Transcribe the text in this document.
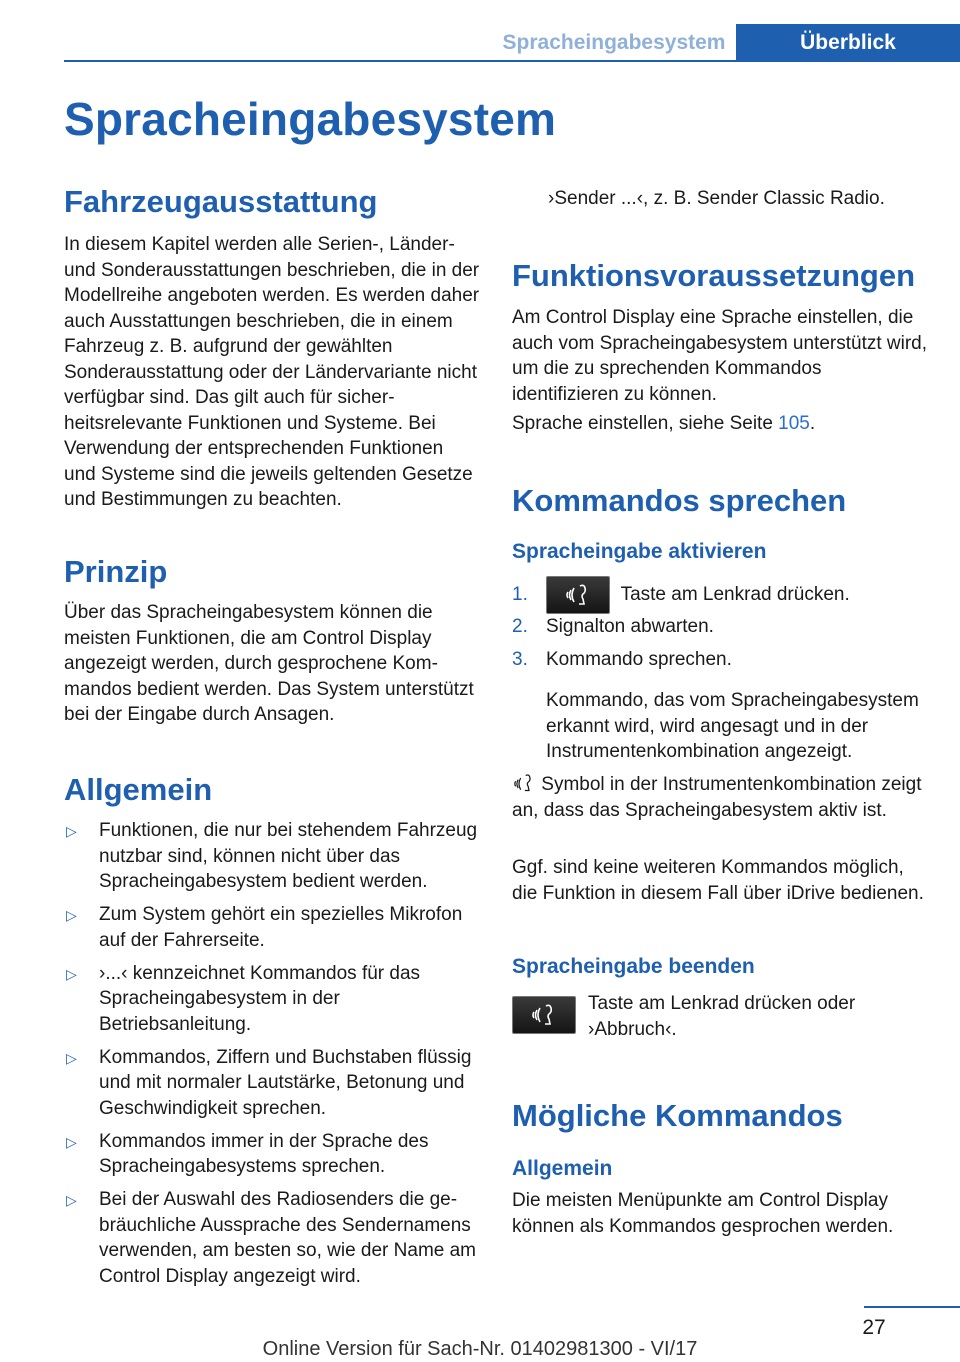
Spracheingabesystem	Überblick
Spracheingabesystem
Fahrzeugausstattung

In diesem Kapitel werden alle Serien-, Länder- und Sonderausstattungen beschrieben, die in der Modellreihe angeboten werden. Es werden daher auch Ausstattungen beschrieben, die in einem Fahrzeug z. B. aufgrund der gewählten Sonderausstattung oder der Ländervariante nicht verfügbar sind. Das gilt auch für sicherheitsrelevante Funktionen und Systeme. Bei Verwendung der entsprechenden Funktionen und Systeme sind die jeweils geltenden Gesetze und Bestimmungen zu beachten.

Prinzip

Über das Spracheingabesystem können die meisten Funktionen, die am Control Display angezeigt werden, durch gesprochene Kommandos bedient werden. Das System unterstützt bei der Eingabe durch Ansagen.

Allgemein
▷ Funktionen, die nur bei stehendem Fahrzeug nutzbar sind, können nicht über das Spracheingabesystem bedient werden.
▷ Zum System gehört ein spezielles Mikrofon auf der Fahrerseite.
▷ ›...‹ kennzeichnet Kommandos für das Spracheingabesystem in der Betriebsanleitung.
▷ Kommandos, Ziffern und Buchstaben flüssig und mit normaler Lautstärke, Betonung und Geschwindigkeit sprechen.
▷ Kommandos immer in der Sprache des Spracheingabesystems sprechen.
▷ Bei der Auswahl des Radiosenders die gebräuchliche Aussprache des Sendernamens verwenden, am besten so, wie der Name am Control Display angezeigt wird.

›Sender ...‹, z. B. Sender Classic Radio.

Funktionsvoraussetzungen

Am Control Display eine Sprache einstellen, die auch vom Spracheingabesystem unterstützt wird, um die zu sprechenden Kommandos identifizieren zu können.

Sprache einstellen, siehe Seite 105.

Kommandos sprechen
Spracheingabe aktivieren
1.	Taste am Lenkrad drücken.
2. Signalton abwarten.
3. Kommando sprechen.

Kommando, das vom Spracheingabesystem erkannt wird, wird angesagt und in der Instrumentenkombination angezeigt.

Symbol in der Instrumentenkombination zeigt an, dass das Spracheingabesystem aktiv ist.

Ggf. sind keine weiteren Kommandos möglich, die Funktion in diesem Fall über iDrive bedienen.

Spracheingabe beenden

Taste am Lenkrad drücken oder ›Abbruch‹.

Mögliche Kommandos
Allgemein

Die meisten Menüpunkte am Control Display können als Kommandos gesprochen werden.

27
Online Version für Sach-Nr. 01402981300 - VI/17
